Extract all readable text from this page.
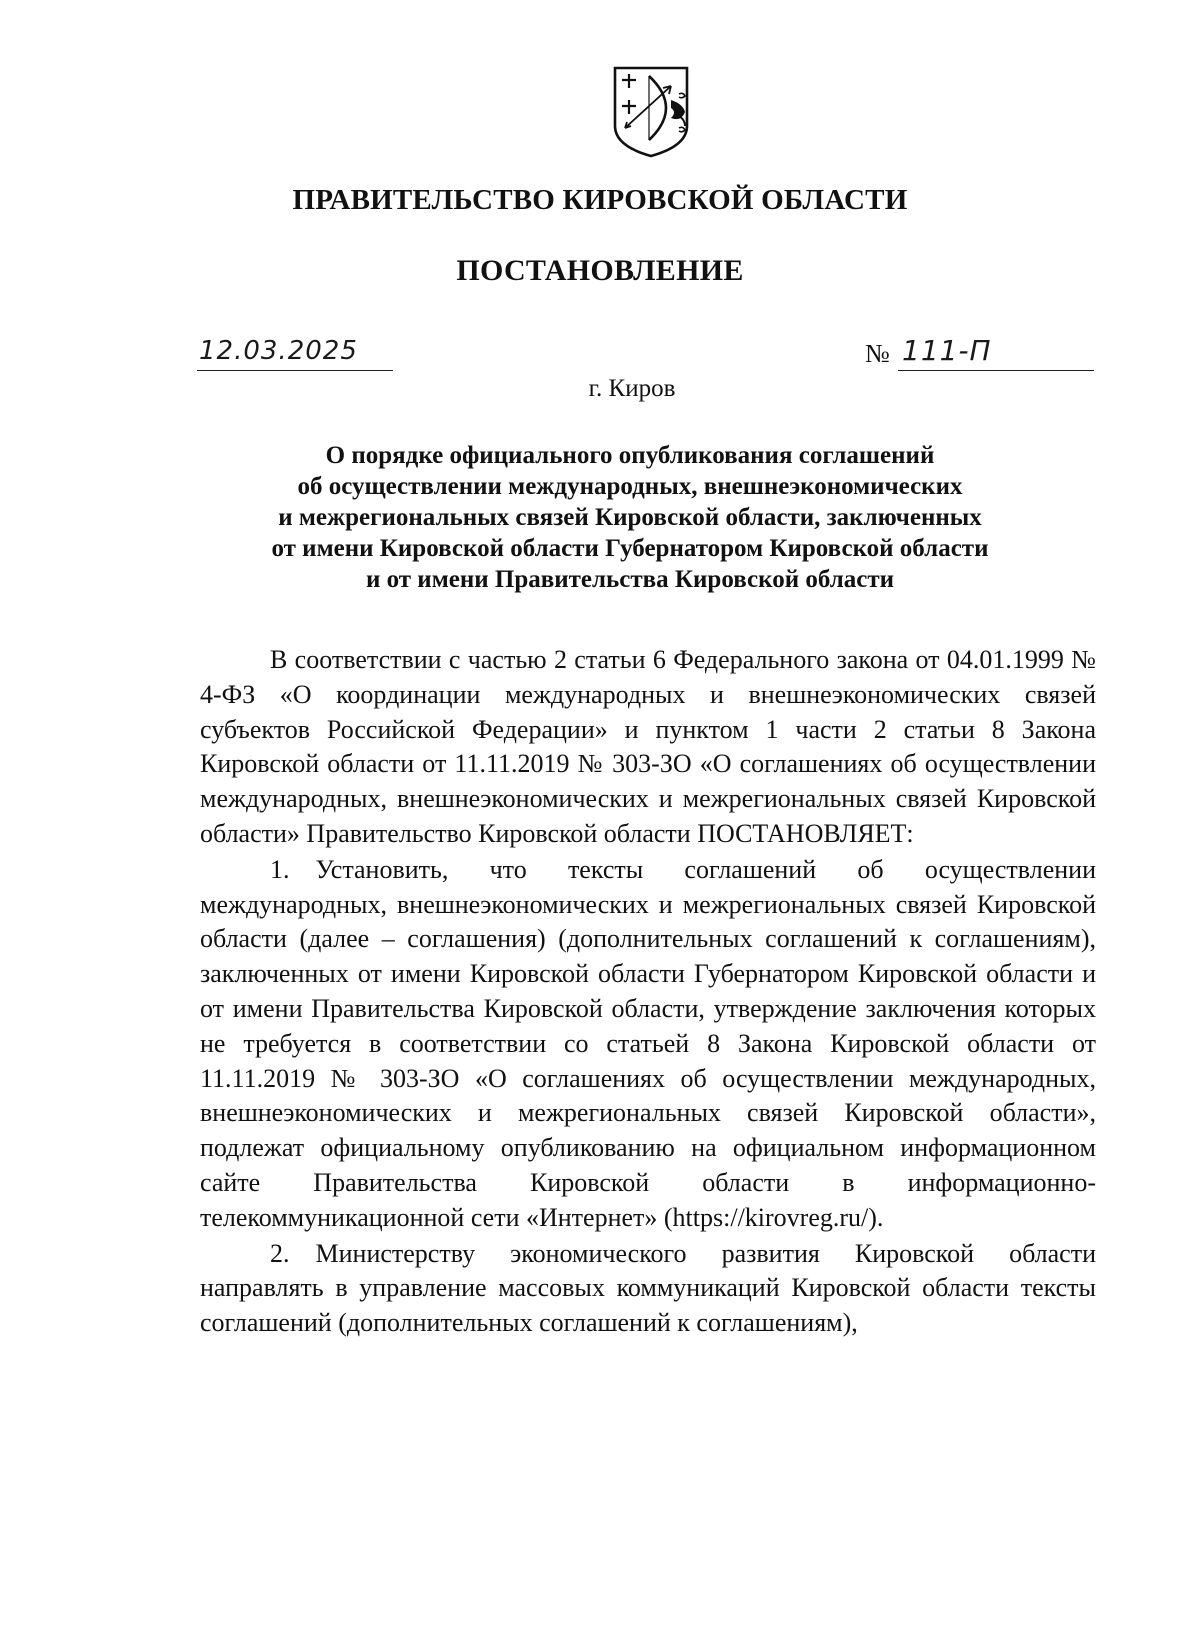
ПРАВИТЕЛЬСТВО КИРОВСКОЙ ОБЛАСТИ
ПОСТАНОВЛЕНИЕ
12.03.2025	№ 111-П
г. Киров
О порядке официального опубликования соглашений
об осуществлении международных, внешнеэкономических
и межрегиональных связей Кировской области, заключенных
от имени Кировской области Губернатором Кировской области
и от имени Правительства Кировской области

В соответствии с частью 2 статьи 6 Федерального закона от 04.01.1999 № 4-ФЗ «О координации международных и внешнеэкономических связей субъектов Российской Федерации» и пунктом 1 части 2 статьи 8 Закона Кировской области от 11.11.2019 № 303-ЗО «О соглашениях об осуществлении международных, внешнеэкономических и межрегиональных связей Кировской области» Правительство Кировской области ПОСТАНОВЛЯЕТ:

1. Установить, что тексты соглашений об осуществлении международных, внешнеэкономических и межрегиональных связей Кировской области (далее – соглашения) (дополнительных соглашений к соглашениям), заключенных от имени Кировской области Губернатором Кировской области и от имени Правительства Кировской области, утверждение заключения которых не требуется в соответствии со статьей 8 Закона Кировской области от 11.11.2019 № 303-ЗО «О соглашениях об осуществлении международных, внешнеэкономических и межрегиональных связей Кировской области», подлежат официальному опубликованию на официальном информационном сайте Правительства Кировской области в информационно-телекоммуникационной сети «Интернет» (https://kirovreg.ru/).

2. Министерству экономического развития Кировской области направлять в управление массовых коммуникаций Кировской области тексты соглашений (дополнительных соглашений к соглашениям),
